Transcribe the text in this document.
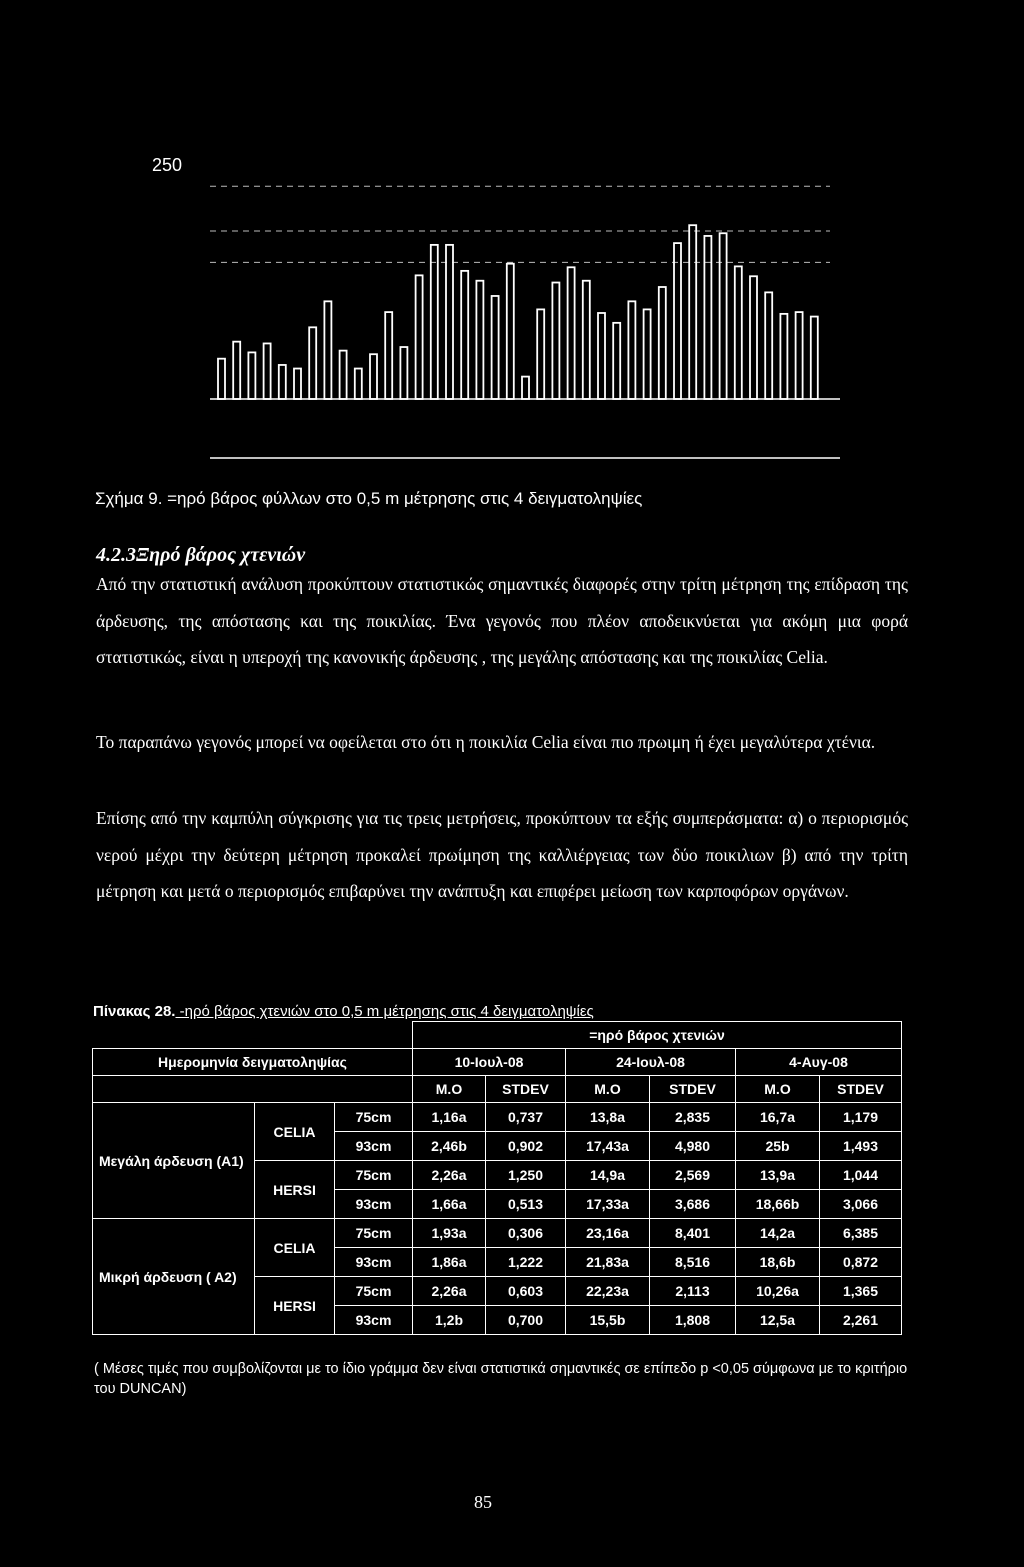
250
Σχήμα 9. =ηρό βάρος φύλλων στο 0,5 m μέτρησης στις 4 δειγματοληψίες
4.2.3Ξηρό βάρος χτενιών
Από την στατιστική ανάλυση προκύπτουν στατιστικώς σημαντικές διαφορές στην τρίτη μέτρηση της επίδραση της άρδευσης, της απόστασης και της ποικιλίας. Ένα γεγονός που πλέον αποδεικνύεται για ακόμη μια φορά στατιστικώς, είναι η υπεροχή της κανονικής άρδευσης , της μεγάλης απόστασης και της ποικιλίας Celia.
Το παραπάνω γεγονός μπορεί να οφείλεται στο ότι η ποικιλία Celia είναι πιο πρωιμη ή έχει μεγαλύτερα χτένια.
Επίσης από την καμπύλη σύγκρισης για τις τρεις μετρήσεις, προκύπτουν τα εξής συμπεράσματα: α) ο περιορισμός νερού μέχρι την δεύτερη μέτρηση προκαλεί πρωίμηση της καλλιέργειας των δύο ποικιλιων β) από την τρίτη μέτρηση και μετά ο περιορισμός επιβαρύνει την ανάπτυξη και επιφέρει μείωση των καρποφόρων οργάνων.
Πίνακας 28. -ηρό βάρος χτενιών στο 0,5 m μέτρησης στις 4 δειγματοληψίες
			=ηρό βάρος χτενιών					
Ημερομηνία δειγματοληψίας			10-Ιουλ-08		24-Ιουλ-08		4-Αυγ-08	
			Μ.Ο	STDEV	Μ.Ο	STDEV	Μ.Ο	STDEV
Μεγάλη άρδευση (Α1)	CELIA	75cm	1,16a	0,737	13,8a	2,835	16,7a	1,179
		93cm	2,46b	0,902	17,43a	4,980	25b	1,493
	HERSI	75cm	2,26a	1,250	14,9a	2,569	13,9a	1,044
		93cm	1,66a	0,513	17,33a	3,686	18,66b	3,066
Μικρή άρδευση ( Α2)	CELIA	75cm	1,93a	0,306	23,16a	8,401	14,2a	6,385
		93cm	1,86a	1,222	21,83a	8,516	18,6b	0,872
	HERSI	75cm	2,26a	0,603	22,23a	2,113	10,26a	1,365
		93cm	1,2b	0,700	15,5b	1,808	12,5a	2,261
( Μέσες τιμές που συμβολίζονται με το ίδιο γράμμα δεν είναι στατιστικά σημαντικές σε επίπεδο p <0,05 σύμφωνα με το κριτήριο του DUNCAN)
85
